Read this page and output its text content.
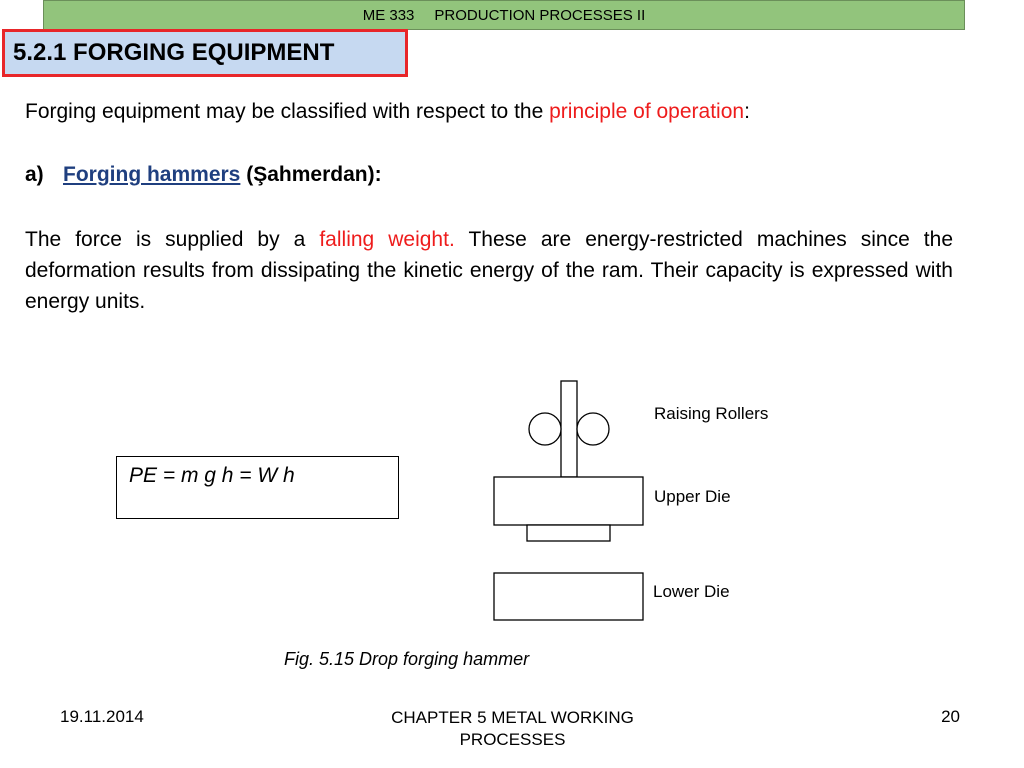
ME 333 PRODUCTION PROCESSES II
5.2.1 FORGING EQUIPMENT
Forging equipment may be classified with respect to the principle of operation:
a) Forging hammers (Şahmerdan):
The force is supplied by a falling weight. These are energy-restricted machines since the deformation results from dissipating the kinetic energy of the ram. Their capacity is expressed with energy units.
PE = m g h = W h
Raising Rollers
Upper Die
Lower Die
Fig. 5.15 Drop forging hammer
19.11.2014	CHAPTER 5 METAL WORKING PROCESSES
20
